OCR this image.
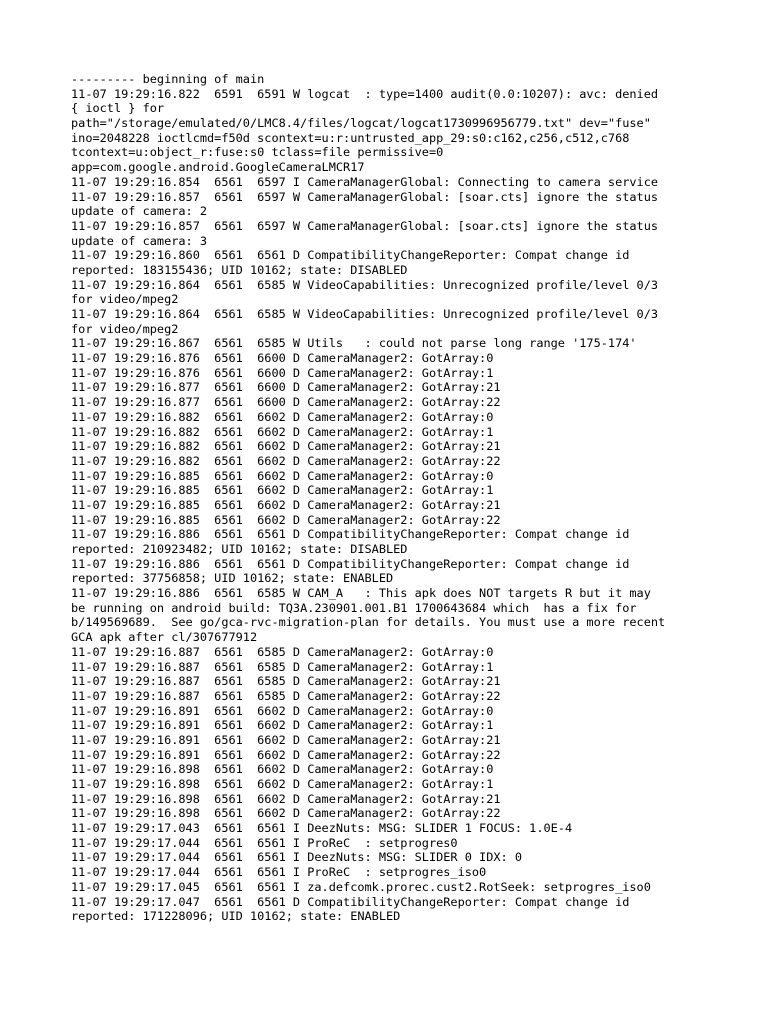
--------- beginning of main
11-07 19:29:16.822  6591  6591 W logcat  : type=1400 audit(0.0:10207): avc: denied
{ ioctl } for
path="/storage/emulated/0/LMC8.4/files/logcat/logcat1730996956779.txt" dev="fuse"
ino=2048228 ioctlcmd=f50d scontext=u:r:untrusted_app_29:s0:c162,c256,c512,c768
tcontext=u:object_r:fuse:s0 tclass=file permissive=0
app=com.google.android.GoogleCameraLMCR17
11-07 19:29:16.854  6561  6597 I CameraManagerGlobal: Connecting to camera service
11-07 19:29:16.857  6561  6597 W CameraManagerGlobal: [soar.cts] ignore the status
update of camera: 2
11-07 19:29:16.857  6561  6597 W CameraManagerGlobal: [soar.cts] ignore the status
update of camera: 3
11-07 19:29:16.860  6561  6561 D CompatibilityChangeReporter: Compat change id
reported: 183155436; UID 10162; state: DISABLED
11-07 19:29:16.864  6561  6585 W VideoCapabilities: Unrecognized profile/level 0/3
for video/mpeg2
11-07 19:29:16.864  6561  6585 W VideoCapabilities: Unrecognized profile/level 0/3
for video/mpeg2
11-07 19:29:16.867  6561  6585 W Utils   : could not parse long range '175-174'
11-07 19:29:16.876  6561  6600 D CameraManager2: GotArray:0
11-07 19:29:16.876  6561  6600 D CameraManager2: GotArray:1
11-07 19:29:16.877  6561  6600 D CameraManager2: GotArray:21
11-07 19:29:16.877  6561  6600 D CameraManager2: GotArray:22
11-07 19:29:16.882  6561  6602 D CameraManager2: GotArray:0
11-07 19:29:16.882  6561  6602 D CameraManager2: GotArray:1
11-07 19:29:16.882  6561  6602 D CameraManager2: GotArray:21
11-07 19:29:16.882  6561  6602 D CameraManager2: GotArray:22
11-07 19:29:16.885  6561  6602 D CameraManager2: GotArray:0
11-07 19:29:16.885  6561  6602 D CameraManager2: GotArray:1
11-07 19:29:16.885  6561  6602 D CameraManager2: GotArray:21
11-07 19:29:16.885  6561  6602 D CameraManager2: GotArray:22
11-07 19:29:16.886  6561  6561 D CompatibilityChangeReporter: Compat change id
reported: 210923482; UID 10162; state: DISABLED
11-07 19:29:16.886  6561  6561 D CompatibilityChangeReporter: Compat change id
reported: 37756858; UID 10162; state: ENABLED
11-07 19:29:16.886  6561  6585 W CAM_A   : This apk does NOT targets R but it may
be running on android build: TQ3A.230901.001.B1 1700643684 which  has a fix for
b/149569689.  See go/gca-rvc-migration-plan for details. You must use a more recent
GCA apk after cl/307677912
11-07 19:29:16.887  6561  6585 D CameraManager2: GotArray:0
11-07 19:29:16.887  6561  6585 D CameraManager2: GotArray:1
11-07 19:29:16.887  6561  6585 D CameraManager2: GotArray:21
11-07 19:29:16.887  6561  6585 D CameraManager2: GotArray:22
11-07 19:29:16.891  6561  6602 D CameraManager2: GotArray:0
11-07 19:29:16.891  6561  6602 D CameraManager2: GotArray:1
11-07 19:29:16.891  6561  6602 D CameraManager2: GotArray:21
11-07 19:29:16.891  6561  6602 D CameraManager2: GotArray:22
11-07 19:29:16.898  6561  6602 D CameraManager2: GotArray:0
11-07 19:29:16.898  6561  6602 D CameraManager2: GotArray:1
11-07 19:29:16.898  6561  6602 D CameraManager2: GotArray:21
11-07 19:29:16.898  6561  6602 D CameraManager2: GotArray:22
11-07 19:29:17.043  6561  6561 I DeezNuts: MSG: SLIDER 1 FOCUS: 1.0E-4
11-07 19:29:17.044  6561  6561 I ProReC  : setprogres0
11-07 19:29:17.044  6561  6561 I DeezNuts: MSG: SLIDER 0 IDX: 0
11-07 19:29:17.044  6561  6561 I ProReC  : setprogres_iso0
11-07 19:29:17.045  6561  6561 I za.defcomk.prorec.cust2.RotSeek: setprogres_iso0
11-07 19:29:17.047  6561  6561 D CompatibilityChangeReporter: Compat change id
reported: 171228096; UID 10162; state: ENABLED
